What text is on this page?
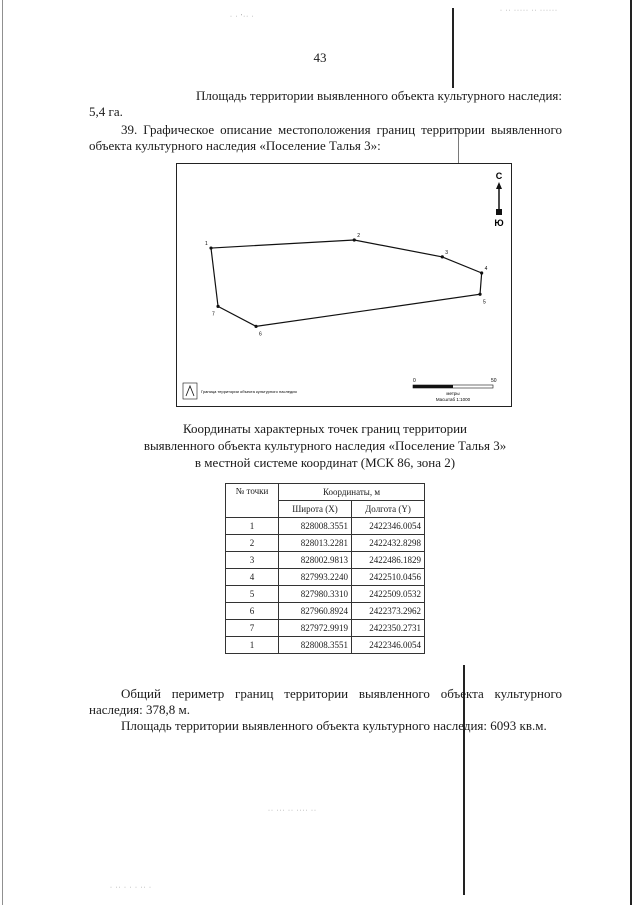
· · '·· ·
· ·· ····· ·· ······
·· ··· ·· ···· ··
· ·· · · · ·· ·
43
Площадь территории выявленного объекта культурного наследия:
5,4 га.
39. Графическое описание местоположения границ территории выявленного объекта культурного наследия «Поселение Талья 3»:
1
2
3
4
5
6
7
С
Ю
0	50
метры
Масштаб 1:1000
Граница территории объекта культурного наследия
Координаты характерных точек границ территории
выявленного объекта культурного наследия «Поселение Талья 3»
в местной системе координат (МСК 86, зона 2)
№ точки	Координаты, м	
	Широта (X)	Долгота (Y)
1	828008.3551	2422346.0054
2	828013.2281	2422432.8298
3	828002.9813	2422486.1829
4	827993.2240	2422510.0456
5	827980.3310	2422509.0532
6	827960.8924	2422373.2962
7	827972.9919	2422350.2731
1	828008.3551	2422346.0054
Общий периметр границ территории выявленного объекта культурного наследия: 378,8 м.
Площадь территории выявленного объекта культурного наследия: 6093 кв.м.
